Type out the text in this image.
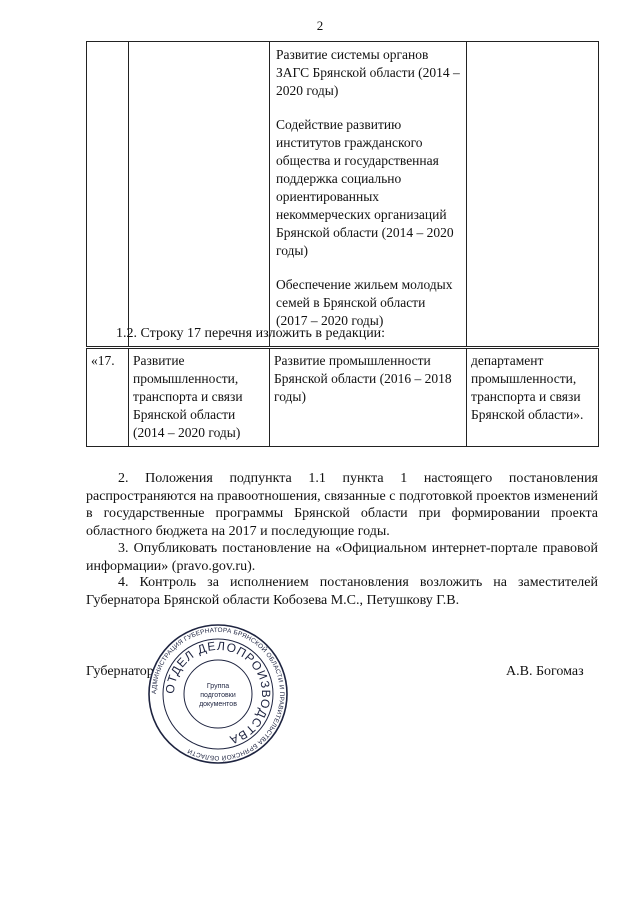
2

Развитие системы органов ЗАГС Брянской области (2014 – 2020 годы)

Содействие развитию институтов гражданского общества и государственная поддержка социально ориентированных некоммерческих организаций Брянской области (2014 – 2020 годы)

Обеспечение жильем молодых семей в Брянской области (2017 – 2020 годы)

1.2. Строку 17 перечня изложить в редакции:
«17.	Развитие промышленности, транспорта и связи Брянской области (2014 – 2020 годы)	Развитие промышленности Брянской области (2016 – 2018 годы)	департамент промышленности, транспорта и связи Брянской области».

2. Положения подпункта 1.1 пункта 1 настоящего постановления распространяются на правоотношения, связанные с подготовкой проектов изменений в государственные программы Брянской области при формировании проекта областного бюджета на 2017 и последующие годы.

3. Опубликовать постановление на «Официальном интернет-портале правовой информации» (pravo.gov.ru).

4. Контроль за исполнением постановления возложить на заместителей Губернатора Брянской области Кобозева М.С., Петушкову Г.В.

Губернатор	А.В. Богомаз
АДМИНИСТРАЦИЯ ГУБЕРНАТОРА БРЯНСКОЙ ОБЛАСТИ И ПРАВИТЕЛЬСТВА БРЯНСКОЙ ОБЛАСТИ
ОТДЕЛ ДЕЛОПРОИЗВОДСТВА
Группа
подготовки
документов
